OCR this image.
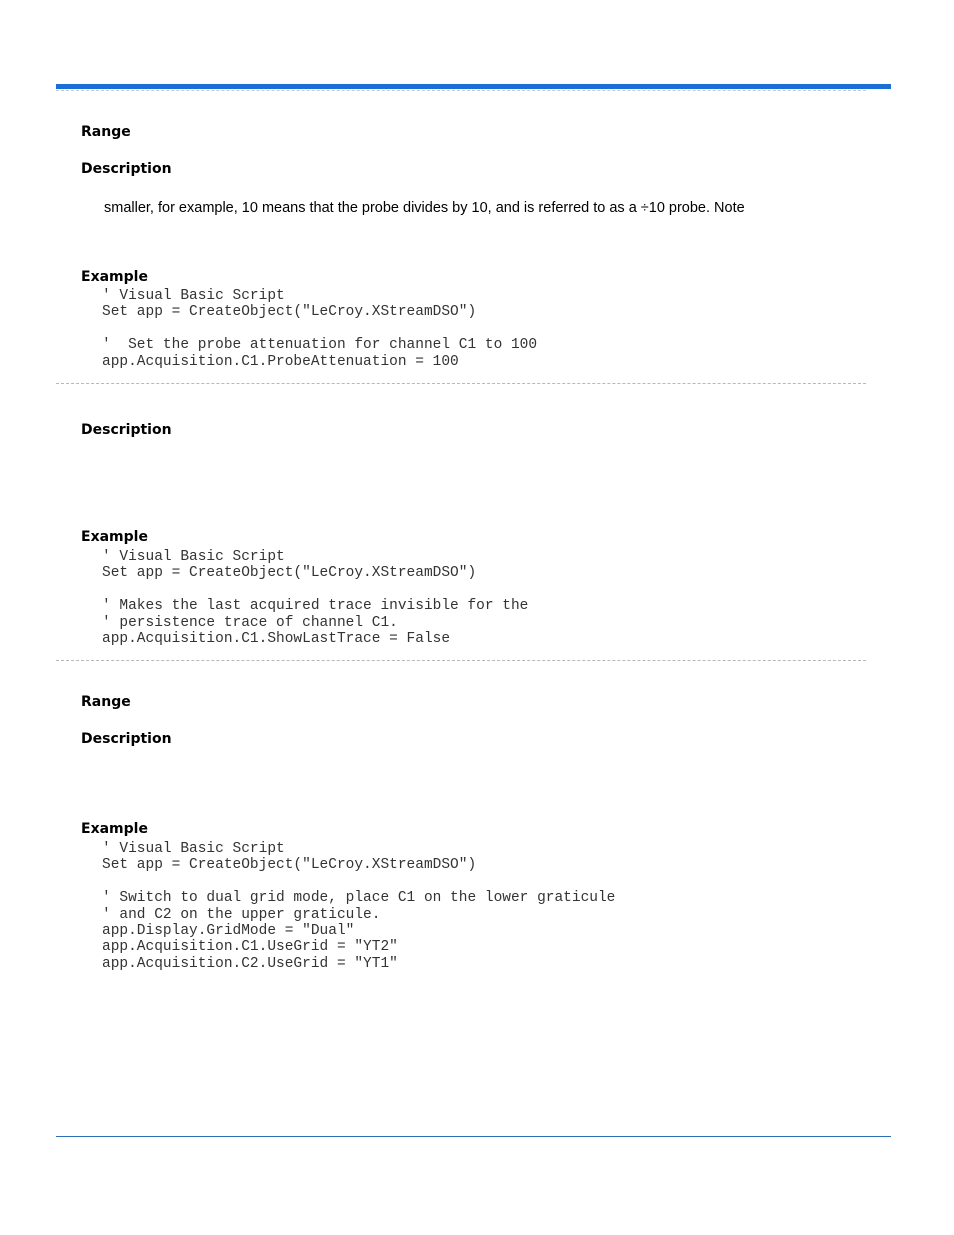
Range
Description

smaller, for example, 10 means that the probe divides by 10, and is referred to as a ÷10 probe. Note

Example
' Visual Basic Script
Set app = CreateObject("LeCroy.XStreamDSO")
'  Set the probe attenuation for channel C1 to 100
app.Acquisition.C1.ProbeAttenuation = 100
Description
Example
' Visual Basic Script
Set app = CreateObject("LeCroy.XStreamDSO")
' Makes the last acquired trace invisible for the
' persistence trace of channel C1.
app.Acquisition.C1.ShowLastTrace = False
Range
Description
Example
' Visual Basic Script
Set app = CreateObject("LeCroy.XStreamDSO")
' Switch to dual grid mode, place C1 on the lower graticule
' and C2 on the upper graticule.
app.Display.GridMode = "Dual"
app.Acquisition.C1.UseGrid = "YT2"
app.Acquisition.C2.UseGrid = "YT1"
